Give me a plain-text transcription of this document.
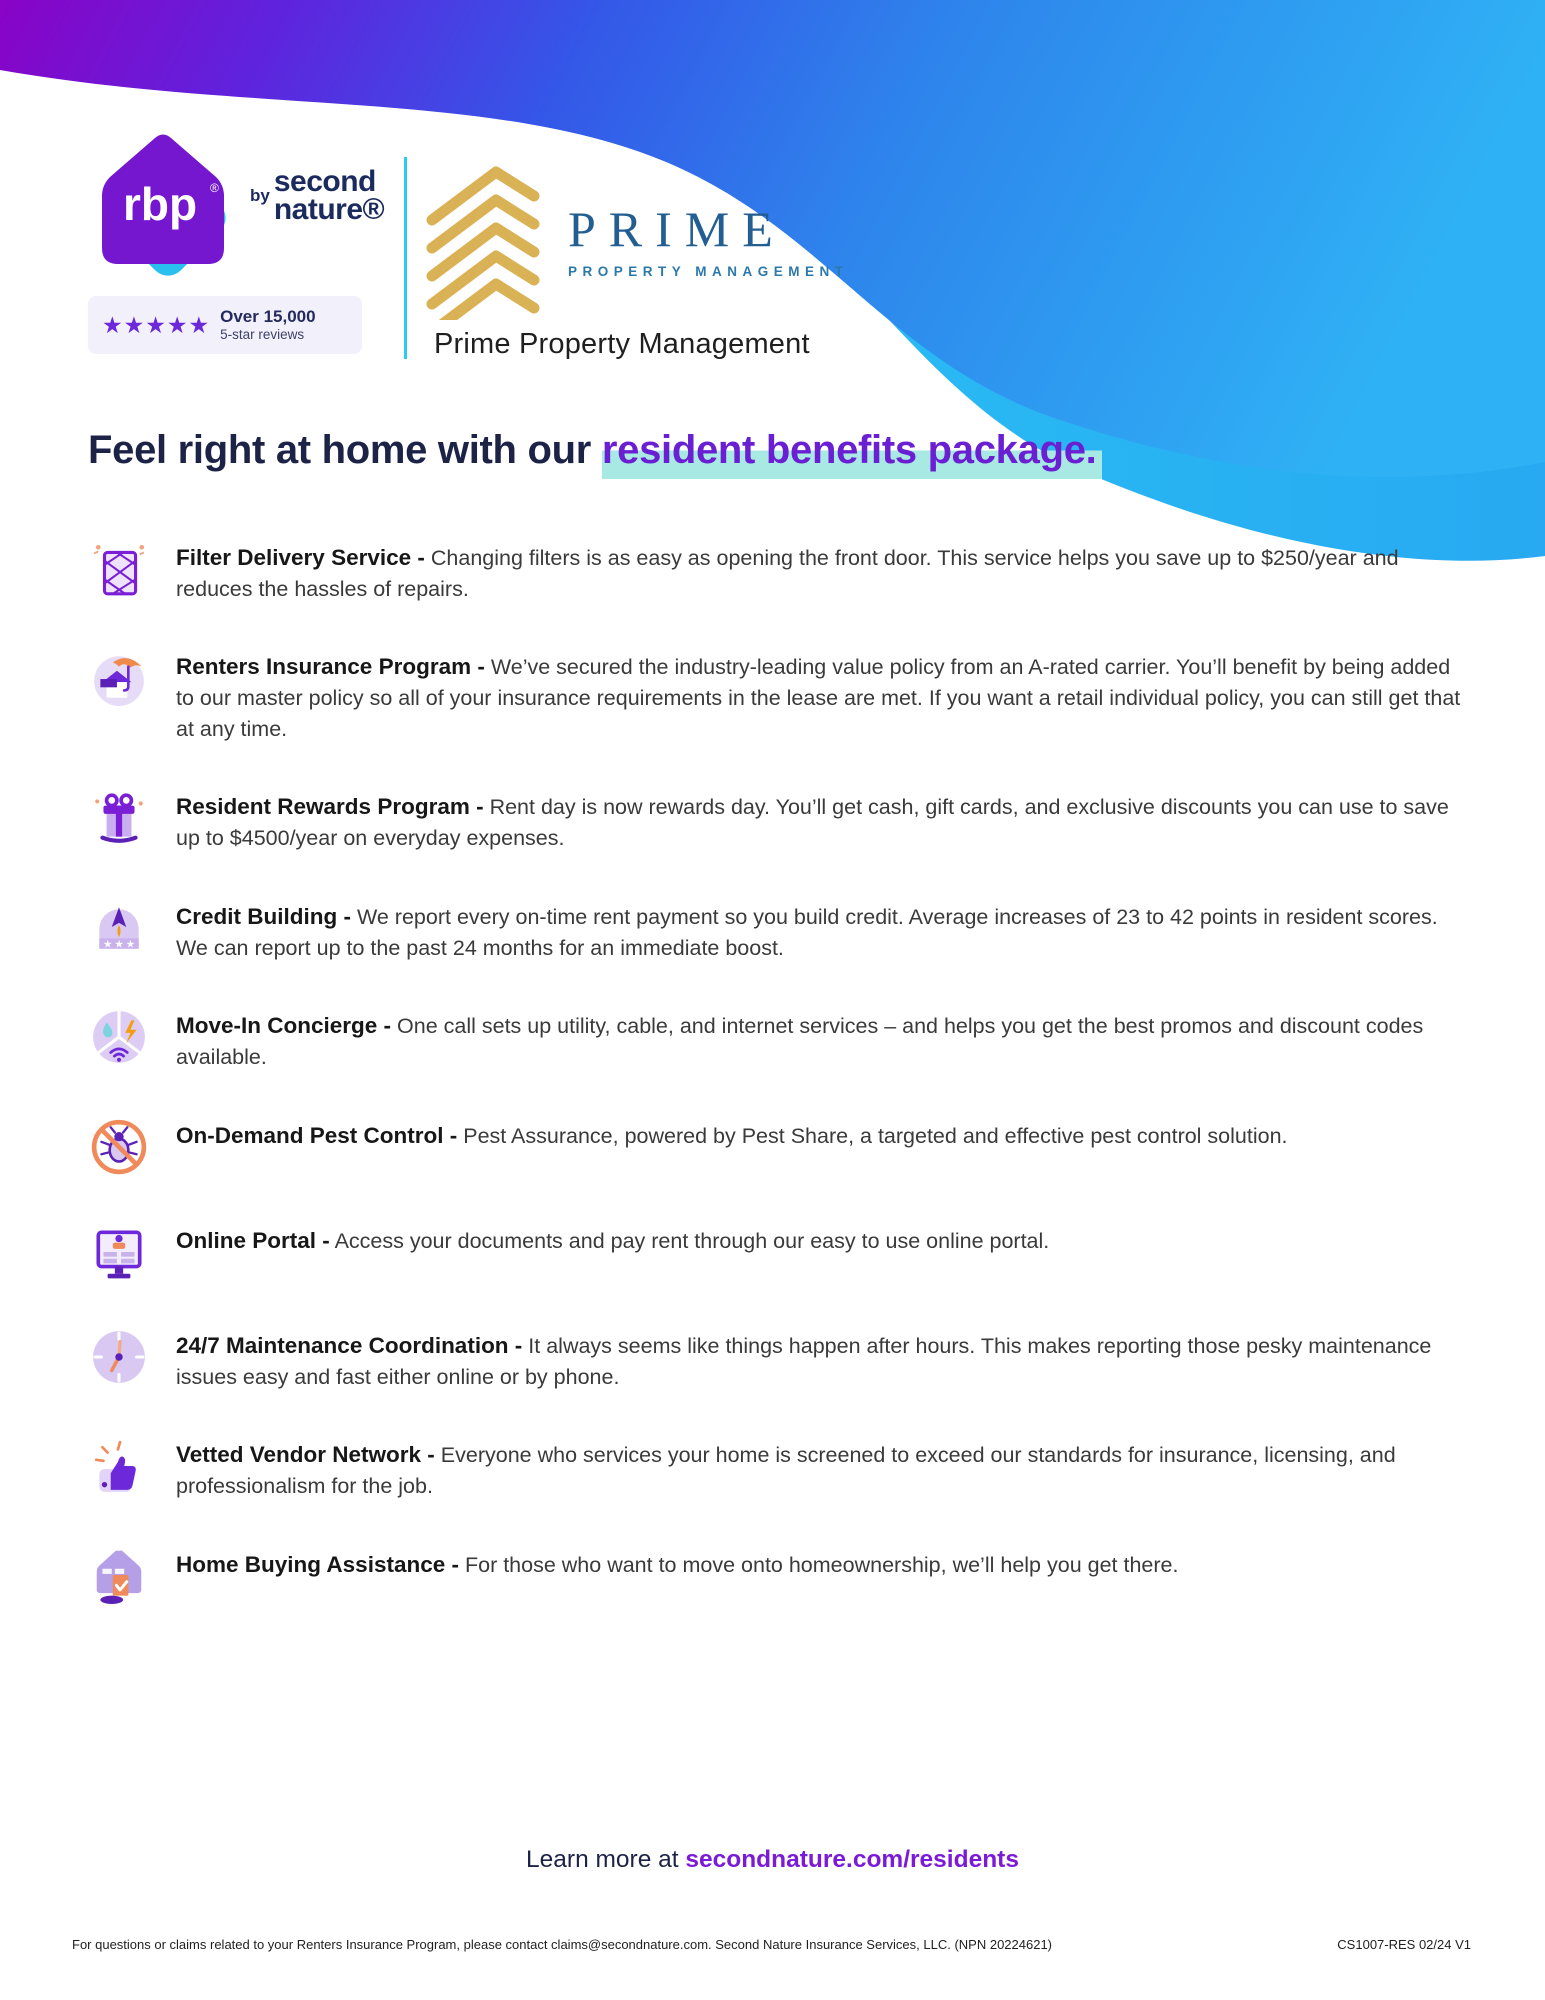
rbp ® by second
nature®
★★★★★ Over 15,000
5-star reviews
PRIME
PROPERTY MANAGEMENT
Prime Property Management
Feel right at home with our resident benefits package.

Filter Delivery Service - Changing filters is as easy as opening the front door. This service helps you save up to $250/year and reduces the hassles of repairs.

Renters Insurance Program - We’ve secured the industry-leading value policy from an A-rated carrier. You’ll benefit by being added to our master policy so all of your insurance requirements in the lease are met. If you want a retail individual policy, you can still get that at any time.

Resident Rewards Program - Rent day is now rewards day. You’ll get cash, gift cards, and exclusive discounts you can use to save up to $4500/year on everyday expenses.

★ ★ ★

Credit Building - We report every on-time rent payment so you build credit. Average increases of 23 to 42 points in resident scores. We can report up to the past 24 months for an immediate boost.

Move-In Concierge - One call sets up utility, cable, and internet services – and helps you get the best promos and discount codes available.

On-Demand Pest Control - Pest Assurance, powered by Pest Share, a targeted and effective pest control solution.

Online Portal - Access your documents and pay rent through our easy to use online portal.

24/7 Maintenance Coordination - It always seems like things happen after hours. This makes reporting those pesky maintenance issues easy and fast either online or by phone.

Vetted Vendor Network - Everyone who services your home is screened to exceed our standards for insurance, licensing, and professionalism for the job.

Home Buying Assistance - For those who want to move onto homeownership, we’ll help you get there.

Learn more at secondnature.com/residents
For questions or claims related to your Renters Insurance Program, please contact claims@secondnature.com. Second Nature Insurance Services, LLC. (NPN 20224621)	CS1007-RES 02/24 V1
